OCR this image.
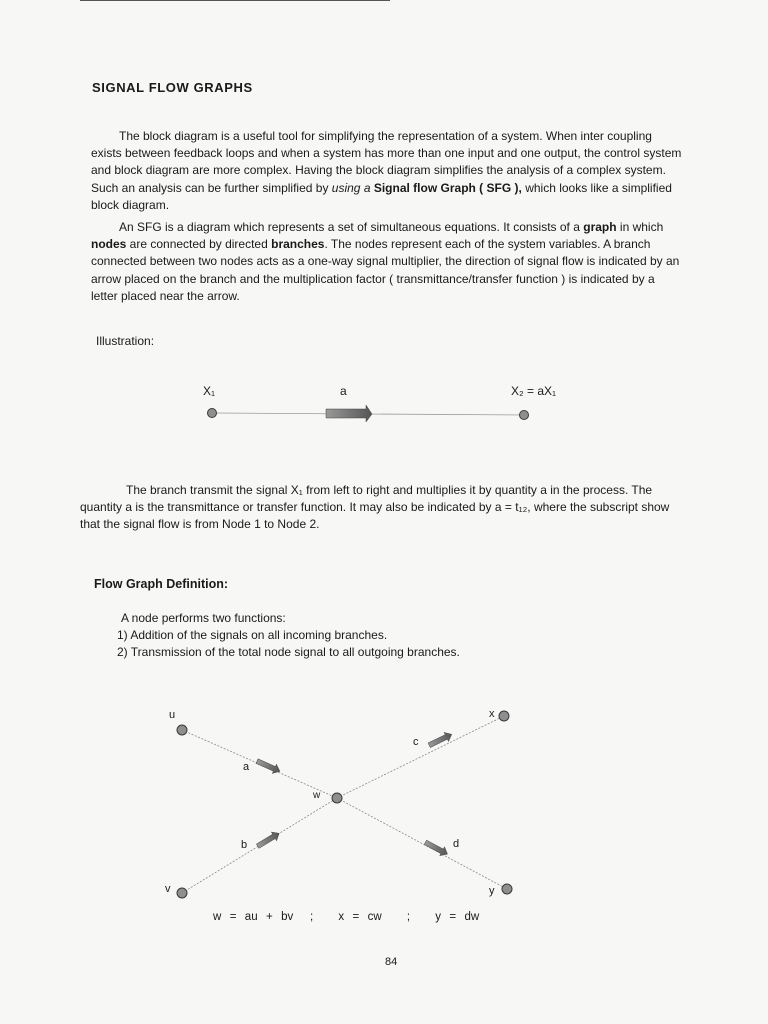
SIGNAL FLOW GRAPHS

The block diagram is a useful tool for simplifying the representation of a system. When inter coupling exists between feedback loops and when a system has more than one input and one output, the control system and block diagram are more complex. Having the block diagram simplifies the analysis of a complex system. Such an analysis can be further simplified by using a Signal flow Graph ( SFG ), which looks like a simplified block diagram.

An SFG is a diagram which represents a set of simultaneous equations. It consists of a graph in which nodes are connected by directed branches. The nodes represent each of the system variables. A branch connected between two nodes acts as a one-way signal multiplier, the direction of signal flow is indicated by an arrow placed on the branch and the multiplication factor ( transmittance/transfer function ) is indicated by a letter placed near the arrow.

Illustration:
X₁	a	X₂ = aX₁

The branch transmit the signal X₁ from left to right and multiplies it by quantity a in the process. The quantity a is the transmittance or transfer function. It may also be indicated by a = t₁₂, where the subscript show that the signal flow is from Node 1 to Node 2.

Flow Graph Definition:
A node performs two functions:
1) Addition of the signals on all incoming branches.
2) Transmission of the total node signal to all outgoing branches.
u
v
w
x
y
a
b
c
d
w  =  au  +  bv    ;      x  =  cw      ;      y  =  dw
84
